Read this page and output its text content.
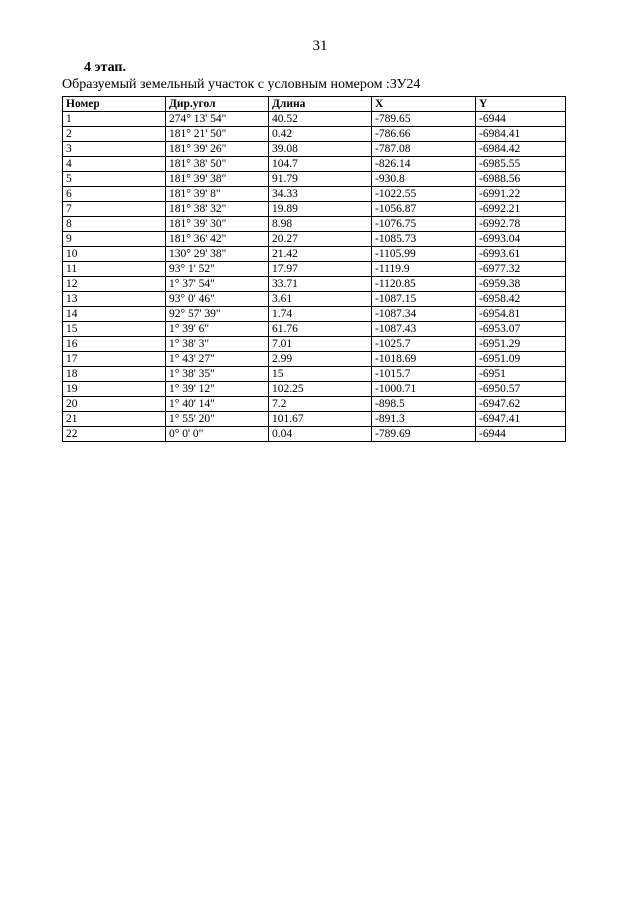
31
4 этап.
Образуемый земельный участок с условным номером :ЗУ24
Номер	Дир.угол	Длина	X	Y
1	274° 13' 54"	40.52	-789.65	-6944
2	181° 21' 50"	0.42	-786.66	-6984.41
3	181° 39' 26"	39.08	-787.08	-6984.42
4	181° 38' 50"	104.7	-826.14	-6985.55
5	181° 39' 38"	91.79	-930.8	-6988.56
6	181° 39' 8"	34.33	-1022.55	-6991.22
7	181° 38' 32"	19.89	-1056.87	-6992.21
8	181° 39' 30"	8.98	-1076.75	-6992.78
9	181° 36' 42"	20.27	-1085.73	-6993.04
10	130° 29' 38"	21.42	-1105.99	-6993.61
11	93° 1' 52"	17.97	-1119.9	-6977.32
12	1° 37' 54"	33.71	-1120.85	-6959.38
13	93° 0' 46"	3.61	-1087.15	-6958.42
14	92° 57' 39"	1.74	-1087.34	-6954.81
15	1° 39' 6"	61.76	-1087.43	-6953.07
16	1° 38' 3"	7.01	-1025.7	-6951.29
17	1° 43' 27"	2.99	-1018.69	-6951.09
18	1° 38' 35"	15	-1015.7	-6951
19	1° 39' 12"	102.25	-1000.71	-6950.57
20	1° 40' 14"	7.2	-898.5	-6947.62
21	1° 55' 20"	101.67	-891.3	-6947.41
22	0° 0' 0"	0.04	-789.69	-6944
